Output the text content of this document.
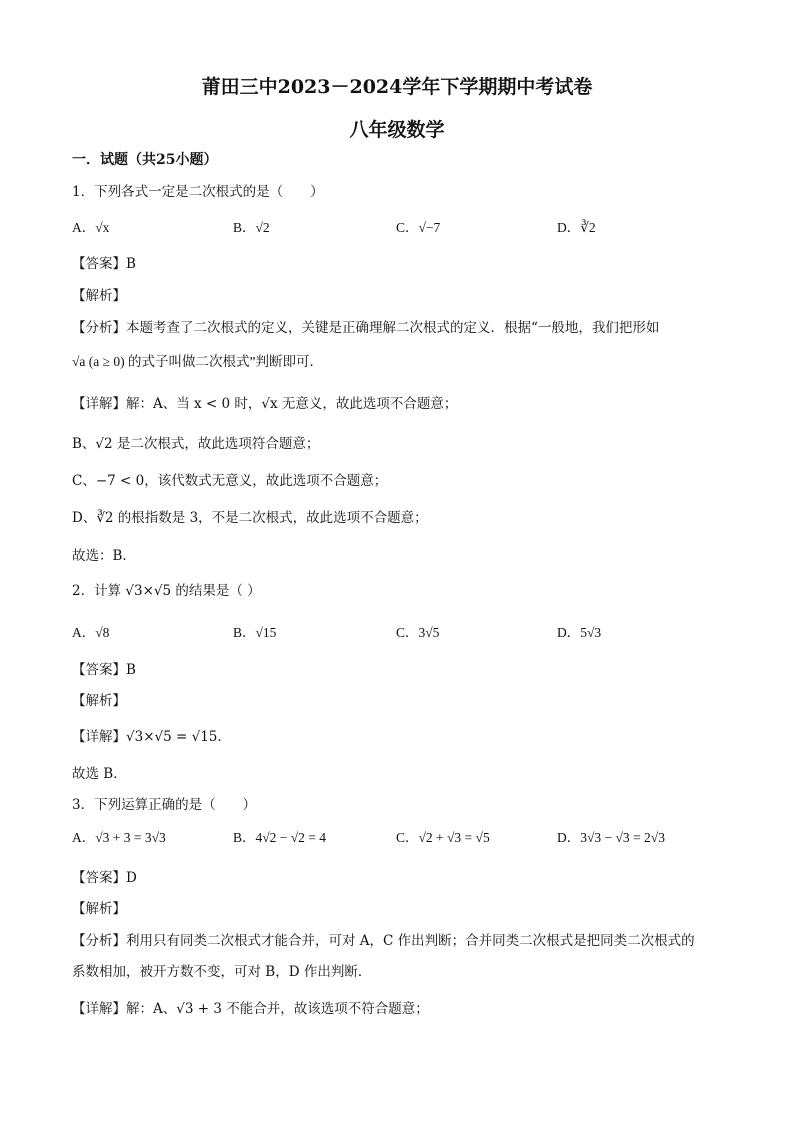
莆田三中2023－2024学年下学期期中考试卷
八年级数学
一．试题（共25小题）
1．下列各式一定是二次根式的是（　　）
A．√x	B．√2	C．√−7	D．∛2
【答案】B
【解析】
【分析】本题考查了二次根式的定义，关键是正确理解二次根式的定义．根据“一般地，我们把形如
√a (a ≥ 0) 的式子叫做二次根式”判断即可．
【详解】解：A、当 x < 0 时，√x 无意义，故此选项不合题意；
B、√2 是二次根式，故此选项符合题意；
C、−7 < 0，该代数式无意义，故此选项不合题意；
D、∛2 的根指数是 3，不是二次根式，故此选项不合题意；
故选：B．
2．计算 √3×√5 的结果是（ ）
A．√8	B．√15	C．3√5	D．5√3
【答案】B
【解析】
【详解】√3×√5 = √15．
故选 B．
3．下列运算正确的是（　　）
A．√3 + 3 = 3√3	B．4√2 − √2 = 4	C．√2 + √3 = √5	D．3√3 − √3 = 2√3
【答案】D
【解析】
【分析】利用只有同类二次根式才能合并，可对 A，C 作出判断；合并同类二次根式是把同类二次根式的
系数相加，被开方数不变，可对 B，D 作出判断．
【详解】解：A、√3 + 3 不能合并，故该选项不符合题意；
